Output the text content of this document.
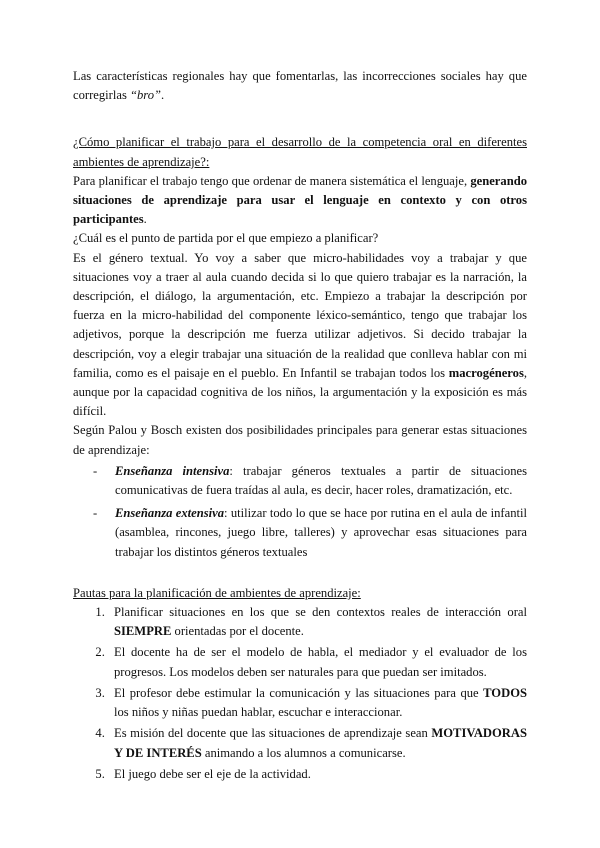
Las características regionales hay que fomentarlas, las incorrecciones sociales hay que corregirlas “bro”.

¿Cómo planificar el trabajo para el desarrollo de la competencia oral en diferentes ambientes de aprendizaje?:

Para planificar el trabajo tengo que ordenar de manera sistemática el lenguaje, generando situaciones de aprendizaje para usar el lenguaje en contexto y con otros participantes.

¿Cuál es el punto de partida por el que empiezo a planificar?

Es el género textual. Yo voy a saber que micro-habilidades voy a trabajar y que situaciones voy a traer al aula cuando decida si lo que quiero trabajar es la narración, la descripción, el diálogo, la argumentación, etc. Empiezo a trabajar la descripción por fuerza en la micro-habilidad del componente léxico-semántico, tengo que trabajar los adjetivos, porque la descripción me fuerza utilizar adjetivos. Si decido trabajar la descripción, voy a elegir trabajar una situación de la realidad que conlleva hablar con mi familia, como es el paisaje en el pueblo. En Infantil se trabajan todos los macrogéneros, aunque por la capacidad cognitiva de los niños, la argumentación y la exposición es más difícil.

Según Palou y Bosch existen dos posibilidades principales para generar estas situaciones de aprendizaje:

- Enseñanza intensiva: trabajar géneros textuales a partir de situaciones comunicativas de fuera traídas al aula, es decir, hacer roles, dramatización, etc.
- Enseñanza extensiva: utilizar todo lo que se hace por rutina en el aula de infantil (asamblea, rincones, juego libre, talleres) y aprovechar esas situaciones para trabajar los distintos géneros textuales

Pautas para la planificación de ambientes de aprendizaje:

1. Planificar situaciones en los que se den contextos reales de interacción oral SIEMPRE orientadas por el docente.
2. El docente ha de ser el modelo de habla, el mediador y el evaluador de los progresos. Los modelos deben ser naturales para que puedan ser imitados.
3. El profesor debe estimular la comunicación y las situaciones para que TODOS los niños y niñas puedan hablar, escuchar e interaccionar.
4. Es misión del docente que las situaciones de aprendizaje sean MOTIVADORAS Y DE INTERÉS animando a los alumnos a comunicarse.
5. El juego debe ser el eje de la actividad.
